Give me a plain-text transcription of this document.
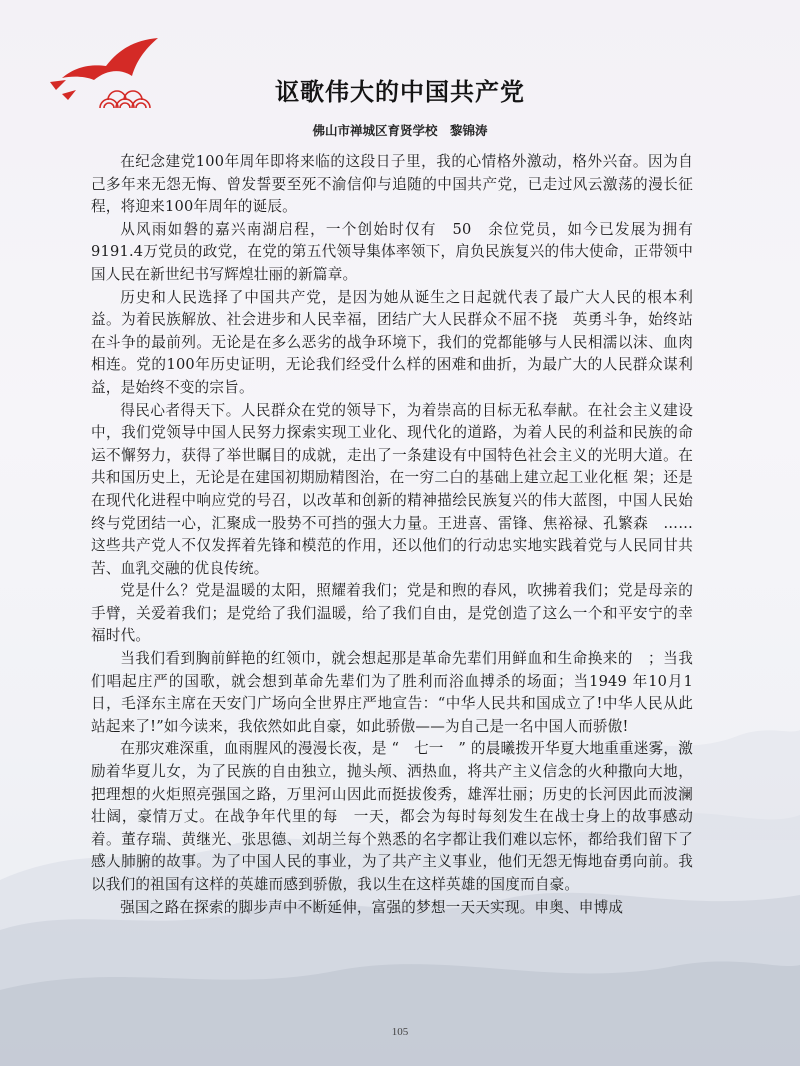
讴歌伟大的中国共产党
佛山市禅城区育贤学校　黎锦涛

在纪念建党100年周年即将来临的这段日子里，我的心情格外激动，格外兴奋。因为自己多年来无怨无悔、曾发誓要至死不渝信仰与追随的中国共产党，已走过风云激荡的漫长征程，将迎来100年周年的诞辰。

从风雨如磐的嘉兴南湖启程，一个创始时仅有　50　余位党员，如今已发展为拥有9191.4万党员的政党，在党的第五代领导集体率领下，肩负民族复兴的伟大使命，正带领中国人民在新世纪书写辉煌壮丽的新篇章。

历史和人民选择了中国共产党，是因为她从诞生之日起就代表了最广大人民的根本利益。为着民族解放、社会进步和人民幸福，团结广大人民群众不屈不挠　英勇斗争，始终站在斗争的最前列。无论是在多么恶劣的战争环境下，我们的党都能够与人民相濡以沫、血肉相连。党的100年历史证明，无论我们经受什么样的困难和曲折，为最广大的人民群众谋利益，是始终不变的宗旨。

得民心者得天下。人民群众在党的领导下，为着崇高的目标无私奉献。在社会主义建设中，我们党领导中国人民努力探索实现工业化、现代化的道路，为着人民的利益和民族的命运不懈努力，获得了举世瞩目的成就，走出了一条建设有中国特色社会主义的光明大道。在共和国历史上，无论是在建国初期励精图治，在一穷二白的基础上建立起工业化框 架；还是在现代化进程中响应党的号召，以改革和创新的精神描绘民族复兴的伟大蓝图，中国人民始终与党团结一心，汇聚成一股势不可挡的强大力量。王进喜、雷锋、焦裕禄、孔繁森　……　这些共产党人不仅发挥着先锋和模范的作用，还以他们的行动忠实地实践着党与人民同甘共苦、血乳交融的优良传统。

党是什么？党是温暖的太阳，照耀着我们；党是和煦的春风，吹拂着我们；党是母亲的手臂，关爱着我们；是党给了我们温暖，给了我们自由，是党创造了这么一个和平安宁的幸福时代。

当我们看到胸前鲜艳的红领巾，就会想起那是革命先辈们用鲜血和生命换来的　；当我们唱起庄严的国歌，就会想到革命先辈们为了胜利而浴血搏杀的场面；当1949 年10月1日，毛泽东主席在天安门广场向全世界庄严地宣告：“中华人民共和国成立了!中华人民从此站起来了!”如今读来，我依然如此自豪，如此骄傲——为自己是一名中国人而骄傲!

在那灾难深重，血雨腥风的漫漫长夜，是 “　七一　” 的晨曦拨开华夏大地重重迷雾，激励着华夏儿女，为了民族的自由独立，抛头颅、洒热血，将共产主义信念的火种撒向大地，把理想的火炬照亮强国之路，万里河山因此而挺拔俊秀，雄浑壮丽；历史的长河因此而波澜壮阔，豪情万丈。在战争年代里的每　一天，都会为每时每刻发生在战士身上的故事感动着。董存瑞、黄继光、张思德、刘胡兰每个熟悉的名字都让我们难以忘怀，都给我们留下了感人肺腑的故事。为了中国人民的事业，为了共产主义事业，他们无怨无悔地奋勇向前。我以我们的祖国有这样的英雄而感到骄傲，我以生在这样英雄的国度而自豪。

强国之路在探索的脚步声中不断延伸，富强的梦想一天天实现。申奥、申博成

105
